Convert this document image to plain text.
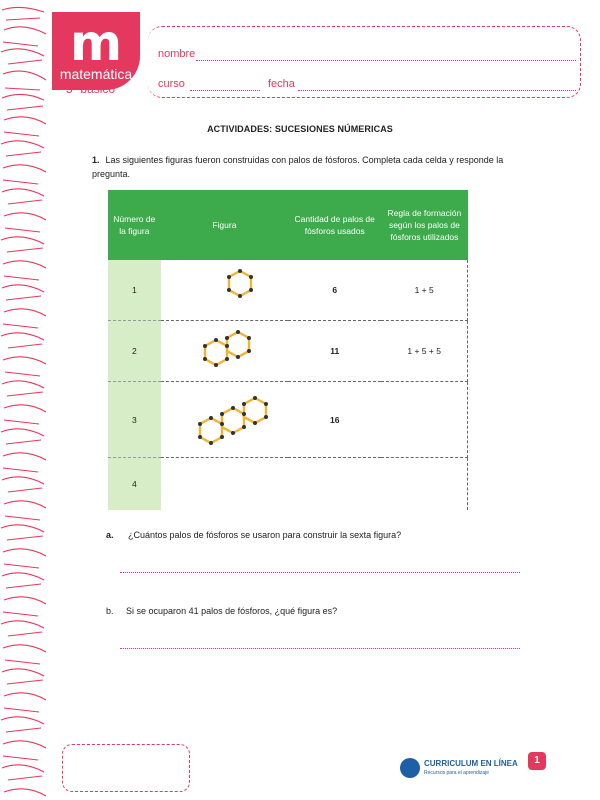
m
matemática
5º básico
nombre
curso	fecha
ACTIVIDADES: SUCESIONES NÚMERICAS
1. Las siguientes figuras fueron construidas con palos de fósforos. Completa cada celda y responde la pregunta.
Número de la figura	Figura	Cantidad de palos de fósforos usados	Regla de formación según los palos de fósforos utilizados
1		6	1 + 5
2		11	1 + 5 + 5
3		16	
4			
a. ¿Cuántos palos de fósforos se usaron para construir la sexta figura?
b. Si se ocuparon 41 palos de fósforos, ¿qué figura es?
CURRICULUM EN LÍNEA
Recursos para el aprendizaje
1
